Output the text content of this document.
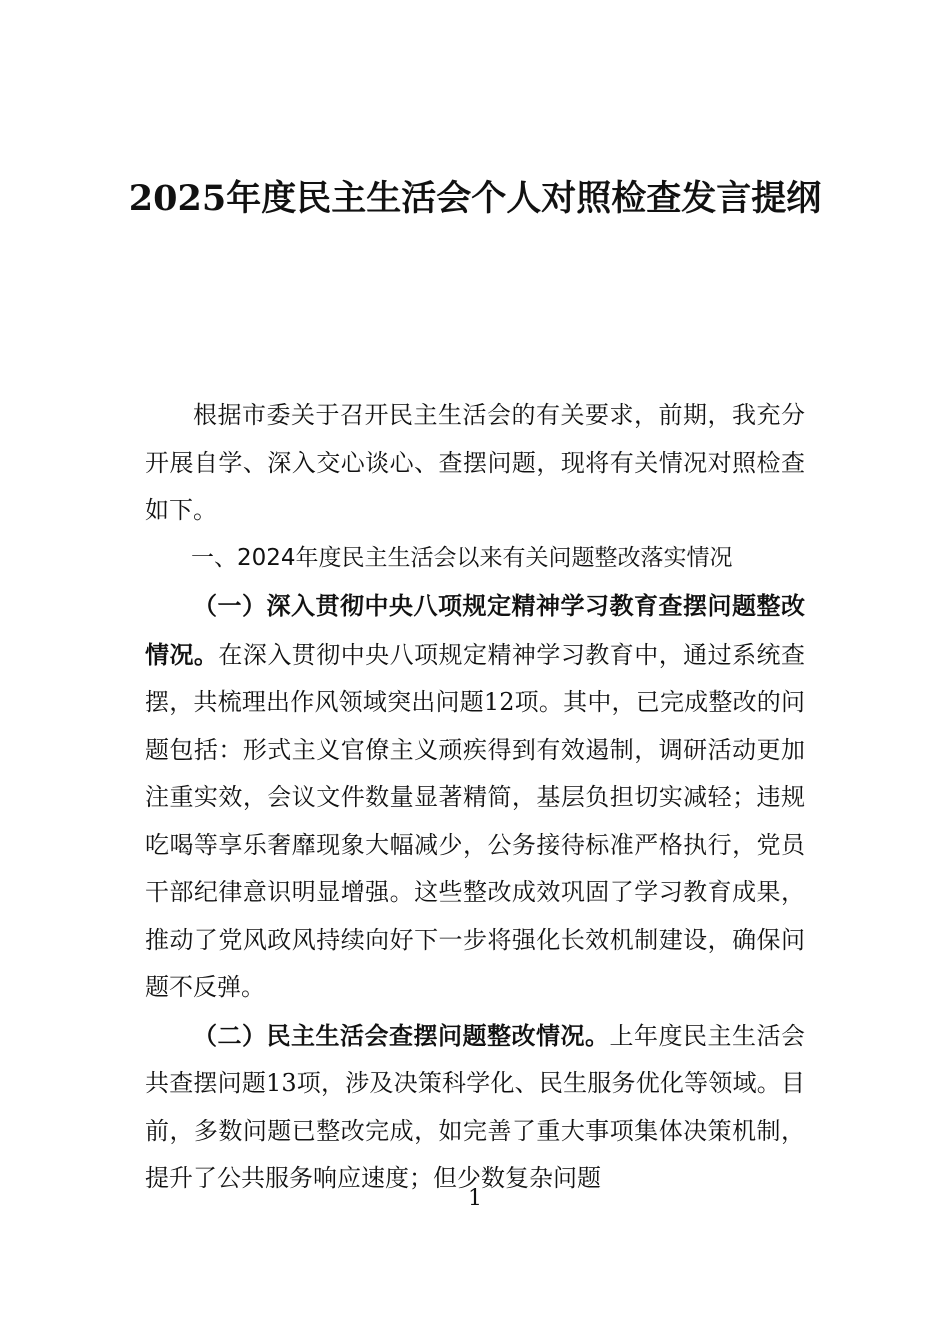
2025年度民主生活会个人对照检查发言提纲

根据市委关于召开民主生活会的有关要求，前期，我充分开展自学、深入交心谈心、查摆问题，现将有关情况对照检查如下。

一、2024年度民主生活会以来有关问题整改落实情况

（一）深入贯彻中央八项规定精神学习教育查摆问题整改情况。在深入贯彻中央八项规定精神学习教育中，通过系统查摆，共梳理出作风领域突出问题12项。其中，已完成整改的问题包括：形式主义官僚主义顽疾得到有效遏制，调研活动更加注重实效，会议文件数量显著精简，基层负担切实减轻；违规吃喝等享乐奢靡现象大幅减少，公务接待标准严格执行，党员干部纪律意识明显增强。这些整改成效巩固了学习教育成果，推动了党风政风持续向好下一步将强化长效机制建设，确保问题不反弹。

（二）民主生活会查摆问题整改情况。上年度民主生活会共查摆问题13项，涉及决策科学化、民生服务优化等领域。目前，多数问题已整改完成，如完善了重大事项集体决策机制，提升了公共服务响应速度；但少数复杂问题

1
